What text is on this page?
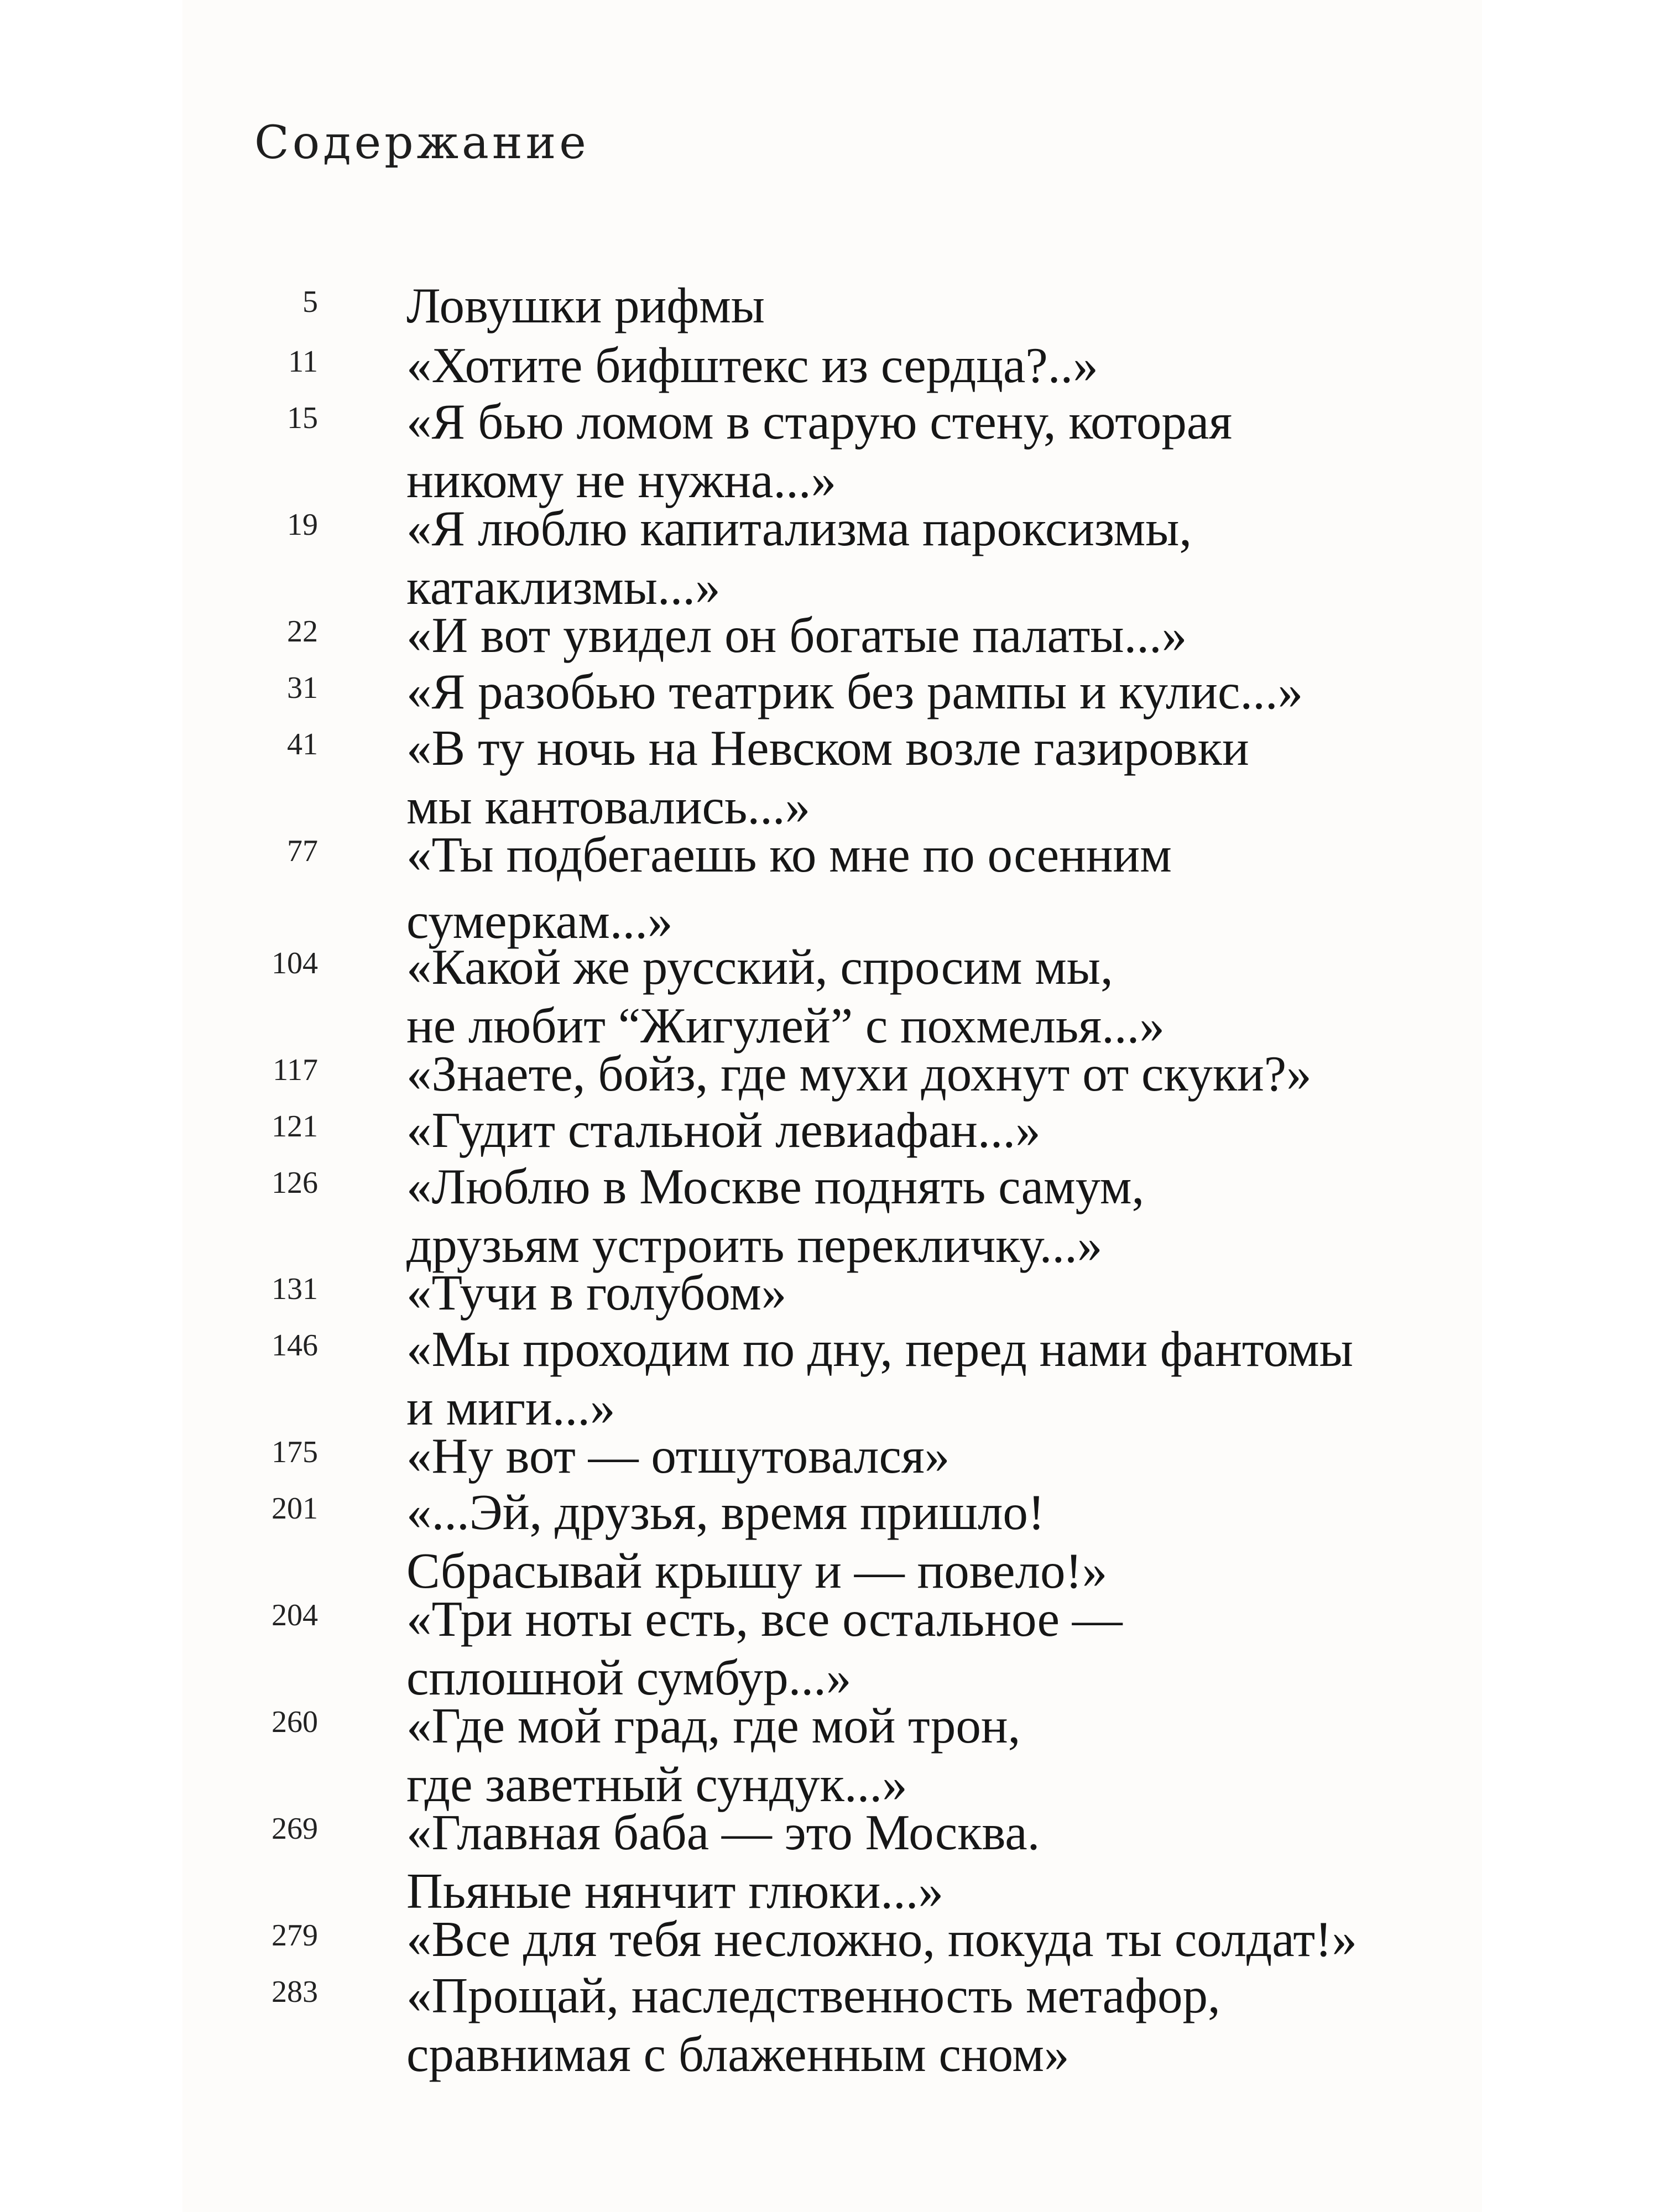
Содержание
5 Ловушки рифмы
11 «Хотите бифштекс из сердца?..»
15 «Я бью ломом в старую стену, которая
никому не нужна...»
19 «Я люблю капитализма пароксизмы,
катаклизмы...»
22 «И вот увидел он богатые палаты...»
31 «Я разобью театрик без рампы и кулис...»
41 «В ту ночь на Невском возле газировки
мы кантовались...»
77 «Ты подбегаешь ко мне по осенним
сумеркам...»
104 «Какой же русский, спросим мы,
не любит “Жигулей” с похмелья...»
117 «Знаете, бойз, где мухи дохнут от скуки?»
121 «Гудит стальной левиафан...»
126 «Люблю в Москве поднять самум,
друзьям устроить перекличку...»
131 «Тучи в голубом»
146 «Мы проходим по дну, перед нами фантомы
и миги...»
175 «Ну вот — отшутовался»
201 «...Эй, друзья, время пришло!
Сбрасывай крышу и — повело!»
204 «Три ноты есть, все остальное —
сплошной сумбур...»
260 «Где мой град, где мой трон,
где заветный сундук...»
269 «Главная баба — это Москва.
Пьяные нянчит глюки...»
279 «Все для тебя несложно, покуда ты солдат!»
283 «Прощай, наследственность метафор,
сравнимая с блаженным сном»
